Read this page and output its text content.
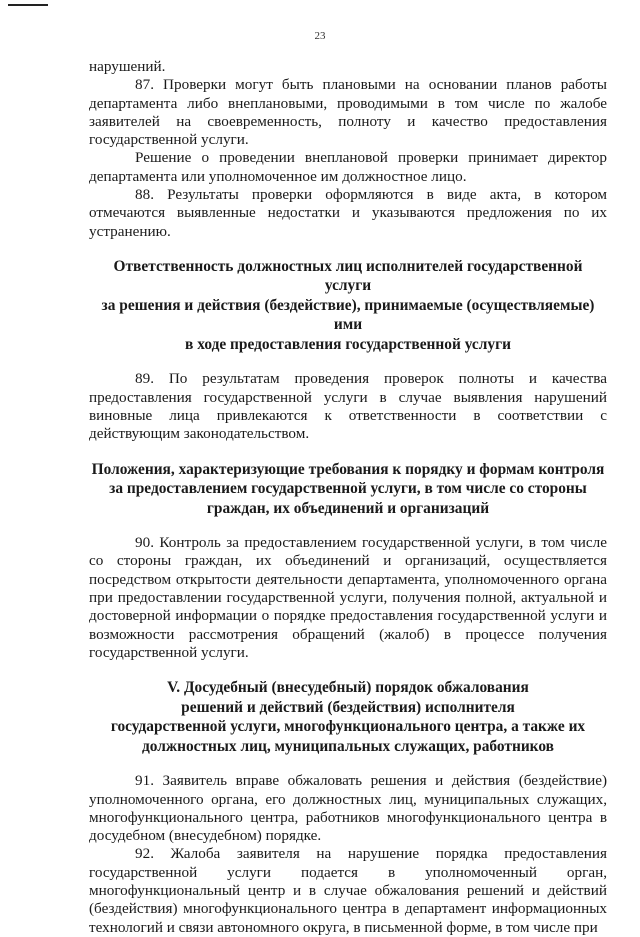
23

нарушений.

87. Проверки могут быть плановыми на основании планов работы департамента либо внеплановыми, проводимыми в том числе по жалобе заявителей на своевременность, полноту и качество предоставления государственной услуги.

Решение о проведении внеплановой проверки принимает директор департамента или уполномоченное им должностное лицо.

88. Результаты проверки оформляются в виде акта, в котором отмечаются выявленные недостатки и указываются предложения по их устранению.

Ответственность должностных лиц исполнителей государственной услуги
за решения и действия (бездействие), принимаемые (осуществляемые) ими
в ходе предоставления государственной услуги

89. По результатам проведения проверок полноты и качества предоставления государственной услуги в случае выявления нарушений виновные лица привлекаются к ответственности в соответствии с действующим законодательством.

Положения, характеризующие требования к порядку и формам контроля
за предоставлением государственной услуги, в том числе со стороны
граждан, их объединений и организаций

90. Контроль за предоставлением государственной услуги, в том числе со стороны граждан, их объединений и организаций, осуществляется посредством открытости деятельности департамента, уполномоченного органа при предоставлении государственной услуги, получения полной, актуальной и достоверной информации о порядке предоставления государственной услуги и возможности рассмотрения обращений (жалоб) в процессе получения государственной услуги.

V. Досудебный (внесудебный) порядок обжалования
решений и действий (бездействия) исполнителя
государственной услуги, многофункционального центра, а также их
должностных лиц, муниципальных служащих, работников

91. Заявитель вправе обжаловать решения и действия (бездействие) уполномоченного органа, его должностных лиц, муниципальных служащих, многофункционального центра, работников многофункционального центра в досудебном (внесудебном) порядке.

92. Жалоба заявителя на нарушение порядка предоставления государственной услуги подается в уполномоченный орган, многофункциональный центр и в случае обжалования решений и действий (бездействия) многофункционального центра в департамент информационных технологий и связи автономного округа, в письменной форме, в том числе при
